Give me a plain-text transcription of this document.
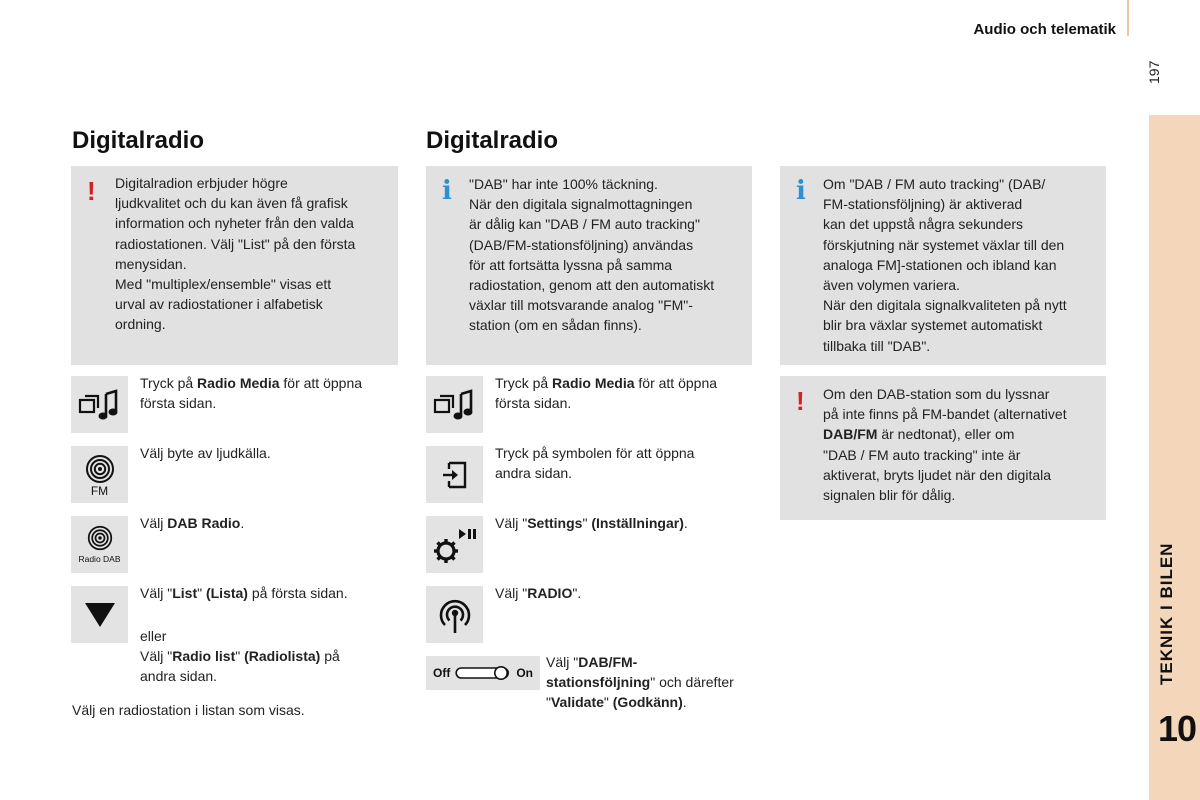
Audio och telematik
197
TEKNIK I BILEN
10
Digitalradio
! Digitalradion erbjuder högre
ljudkvalitet och du kan även få grafisk
information och nyheter från den valda
radiostationen. Välj "List" på den första
menysidan.
Med "multiplex/ensemble" visas ett
urval av radiostationer i alfabetisk
ordning.
Tryck på Radio Media för att öppna
första sidan.
FM
Välj byte av ljudkälla.
Radio DAB
Välj DAB Radio.
Välj "List" (Lista) på första sidan.
eller
Välj "Radio list" (Radiolista) på
andra sidan.
Välj en radiostation i listan som visas.
Digitalradio
i "DAB" har inte 100% täckning.
När den digitala signalmottagningen
är dålig kan "DAB / FM auto tracking"
(DAB/FM-stationsföljning) användas
för att fortsätta lyssna på samma
radiostation, genom att den automatiskt
växlar till motsvarande analog "FM"-
station (om en sådan finns).
Tryck på Radio Media för att öppna
första sidan.
Tryck på symbolen för att öppna
andra sidan.
Välj "Settings" (Inställningar).
Välj "RADIO".
Off	On
Välj "DAB/FM-
stationsföljning" och därefter
"Validate" (Godkänn).
i Om "DAB / FM auto tracking" (DAB/
FM-stationsföljning) är aktiverad
kan det uppstå några sekunders
förskjutning när systemet växlar till den
analoga FM]-stationen och ibland kan
även volymen variera.
När den digitala signalkvaliteten på nytt
blir bra växlar systemet automatiskt
tillbaka till "DAB".
! Om den DAB-station som du lyssnar
på inte finns på FM-bandet (alternativet
DAB/FM är nedtonat), eller om
"DAB / FM auto tracking" inte är
aktiverat, bryts ljudet när den digitala
signalen blir för dålig.
